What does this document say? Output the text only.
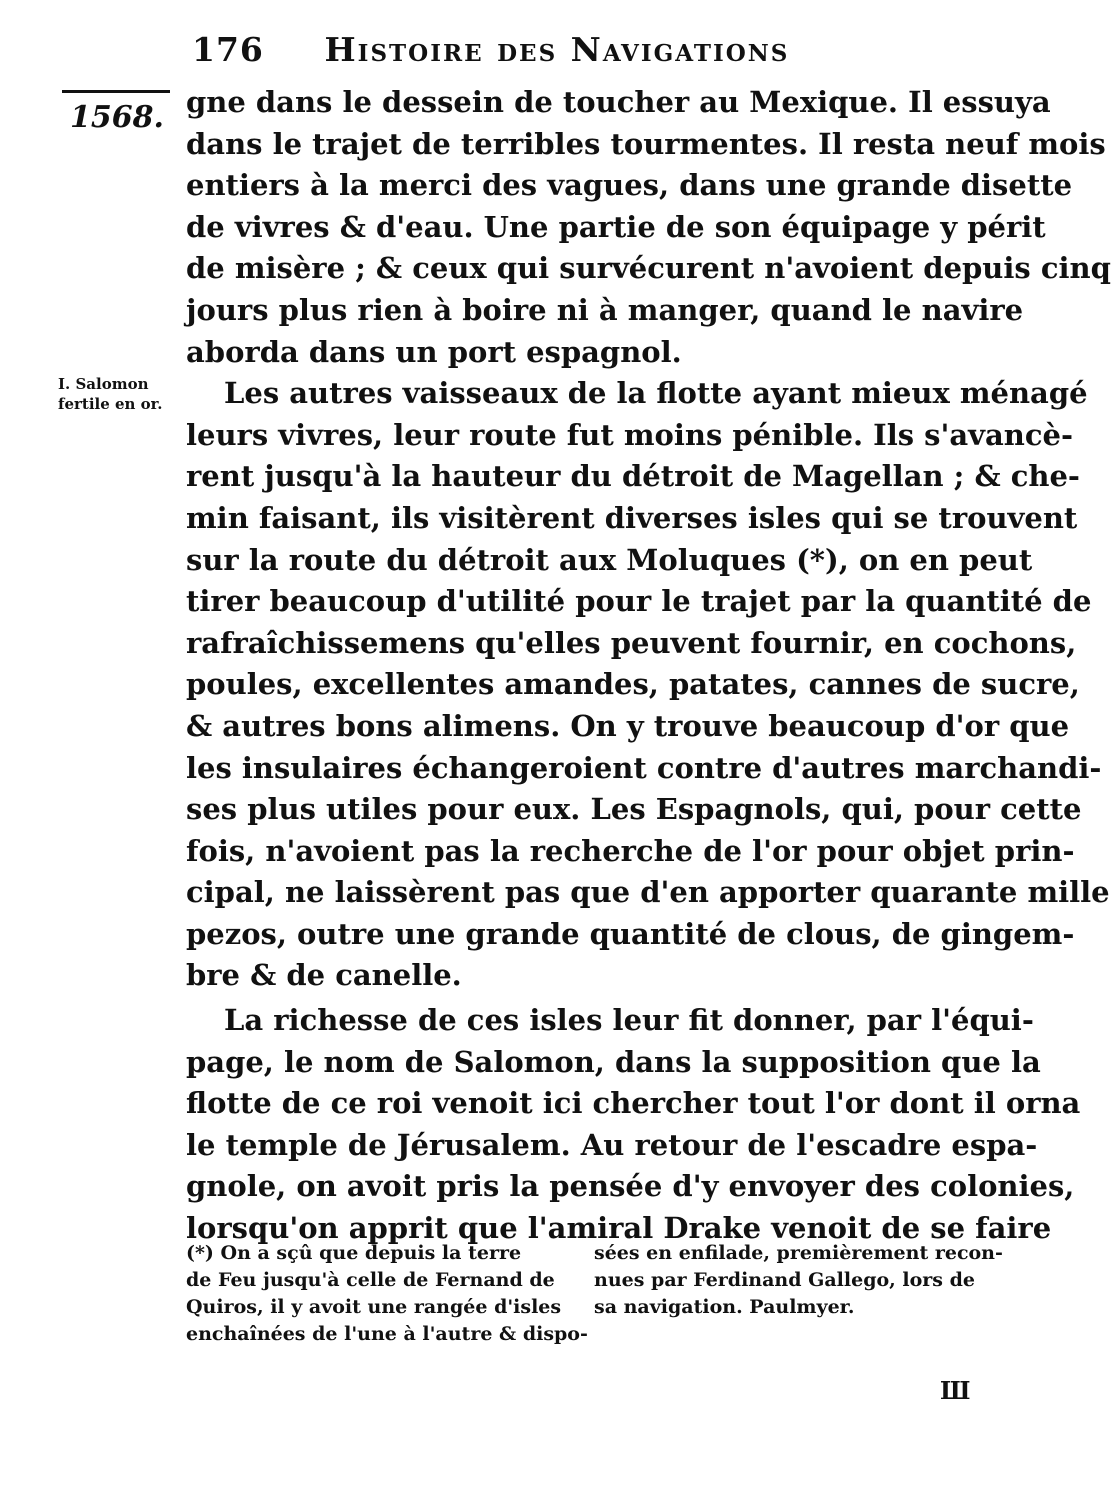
176 Histoire des Navigations
1568.
I. Salomon
fertile en or.
gne dans le dessein de toucher au Mexique. Il essuya
dans le trajet de terribles tourmentes. Il resta neuf mois
entiers à la merci des vagues, dans une grande disette
de vivres & d'eau. Une partie de son équipage y périt
de misère ; & ceux qui survécurent n'avoient depuis cinq
jours plus rien à boire ni à manger, quand le navire
aborda dans un port espagnol.
Les autres vaisseaux de la flotte ayant mieux ménagé
leurs vivres, leur route fut moins pénible. Ils s'avancè-
rent jusqu'à la hauteur du détroit de Magellan ; & che-
min faisant, ils visitèrent diverses isles qui se trouvent
sur la route du détroit aux Moluques (*), on en peut
tirer beaucoup d'utilité pour le trajet par la quantité de
rafraîchissemens qu'elles peuvent fournir, en cochons,
poules, excellentes amandes, patates, cannes de sucre,
& autres bons alimens. On y trouve beaucoup d'or que
les insulaires échangeroient contre d'autres marchandi-
ses plus utiles pour eux. Les Espagnols, qui, pour cette
fois, n'avoient pas la recherche de l'or pour objet prin-
cipal, ne laissèrent pas que d'en apporter quarante mille
pezos, outre une grande quantité de clous, de gingem-
bre & de canelle.
La richesse de ces isles leur fit donner, par l'équi-
page, le nom de Salomon, dans la supposition que la
flotte de ce roi venoit ici chercher tout l'or dont il orna
le temple de Jérusalem. Au retour de l'escadre espa-
gnole, on avoit pris la pensée d'y envoyer des colonies,
lorsqu'on apprit que l'amiral Drake venoit de se faire
(*) On a sçû que depuis la terre
de Feu jusqu'à celle de Fernand de
Quiros, il y avoit une rangée d'isles
enchaînées de l'une à l'autre & dispo-
sées en enfilade, premièrement recon-
nues par Ferdinand Gallego, lors de
sa navigation. Paulmyer.
Ш
